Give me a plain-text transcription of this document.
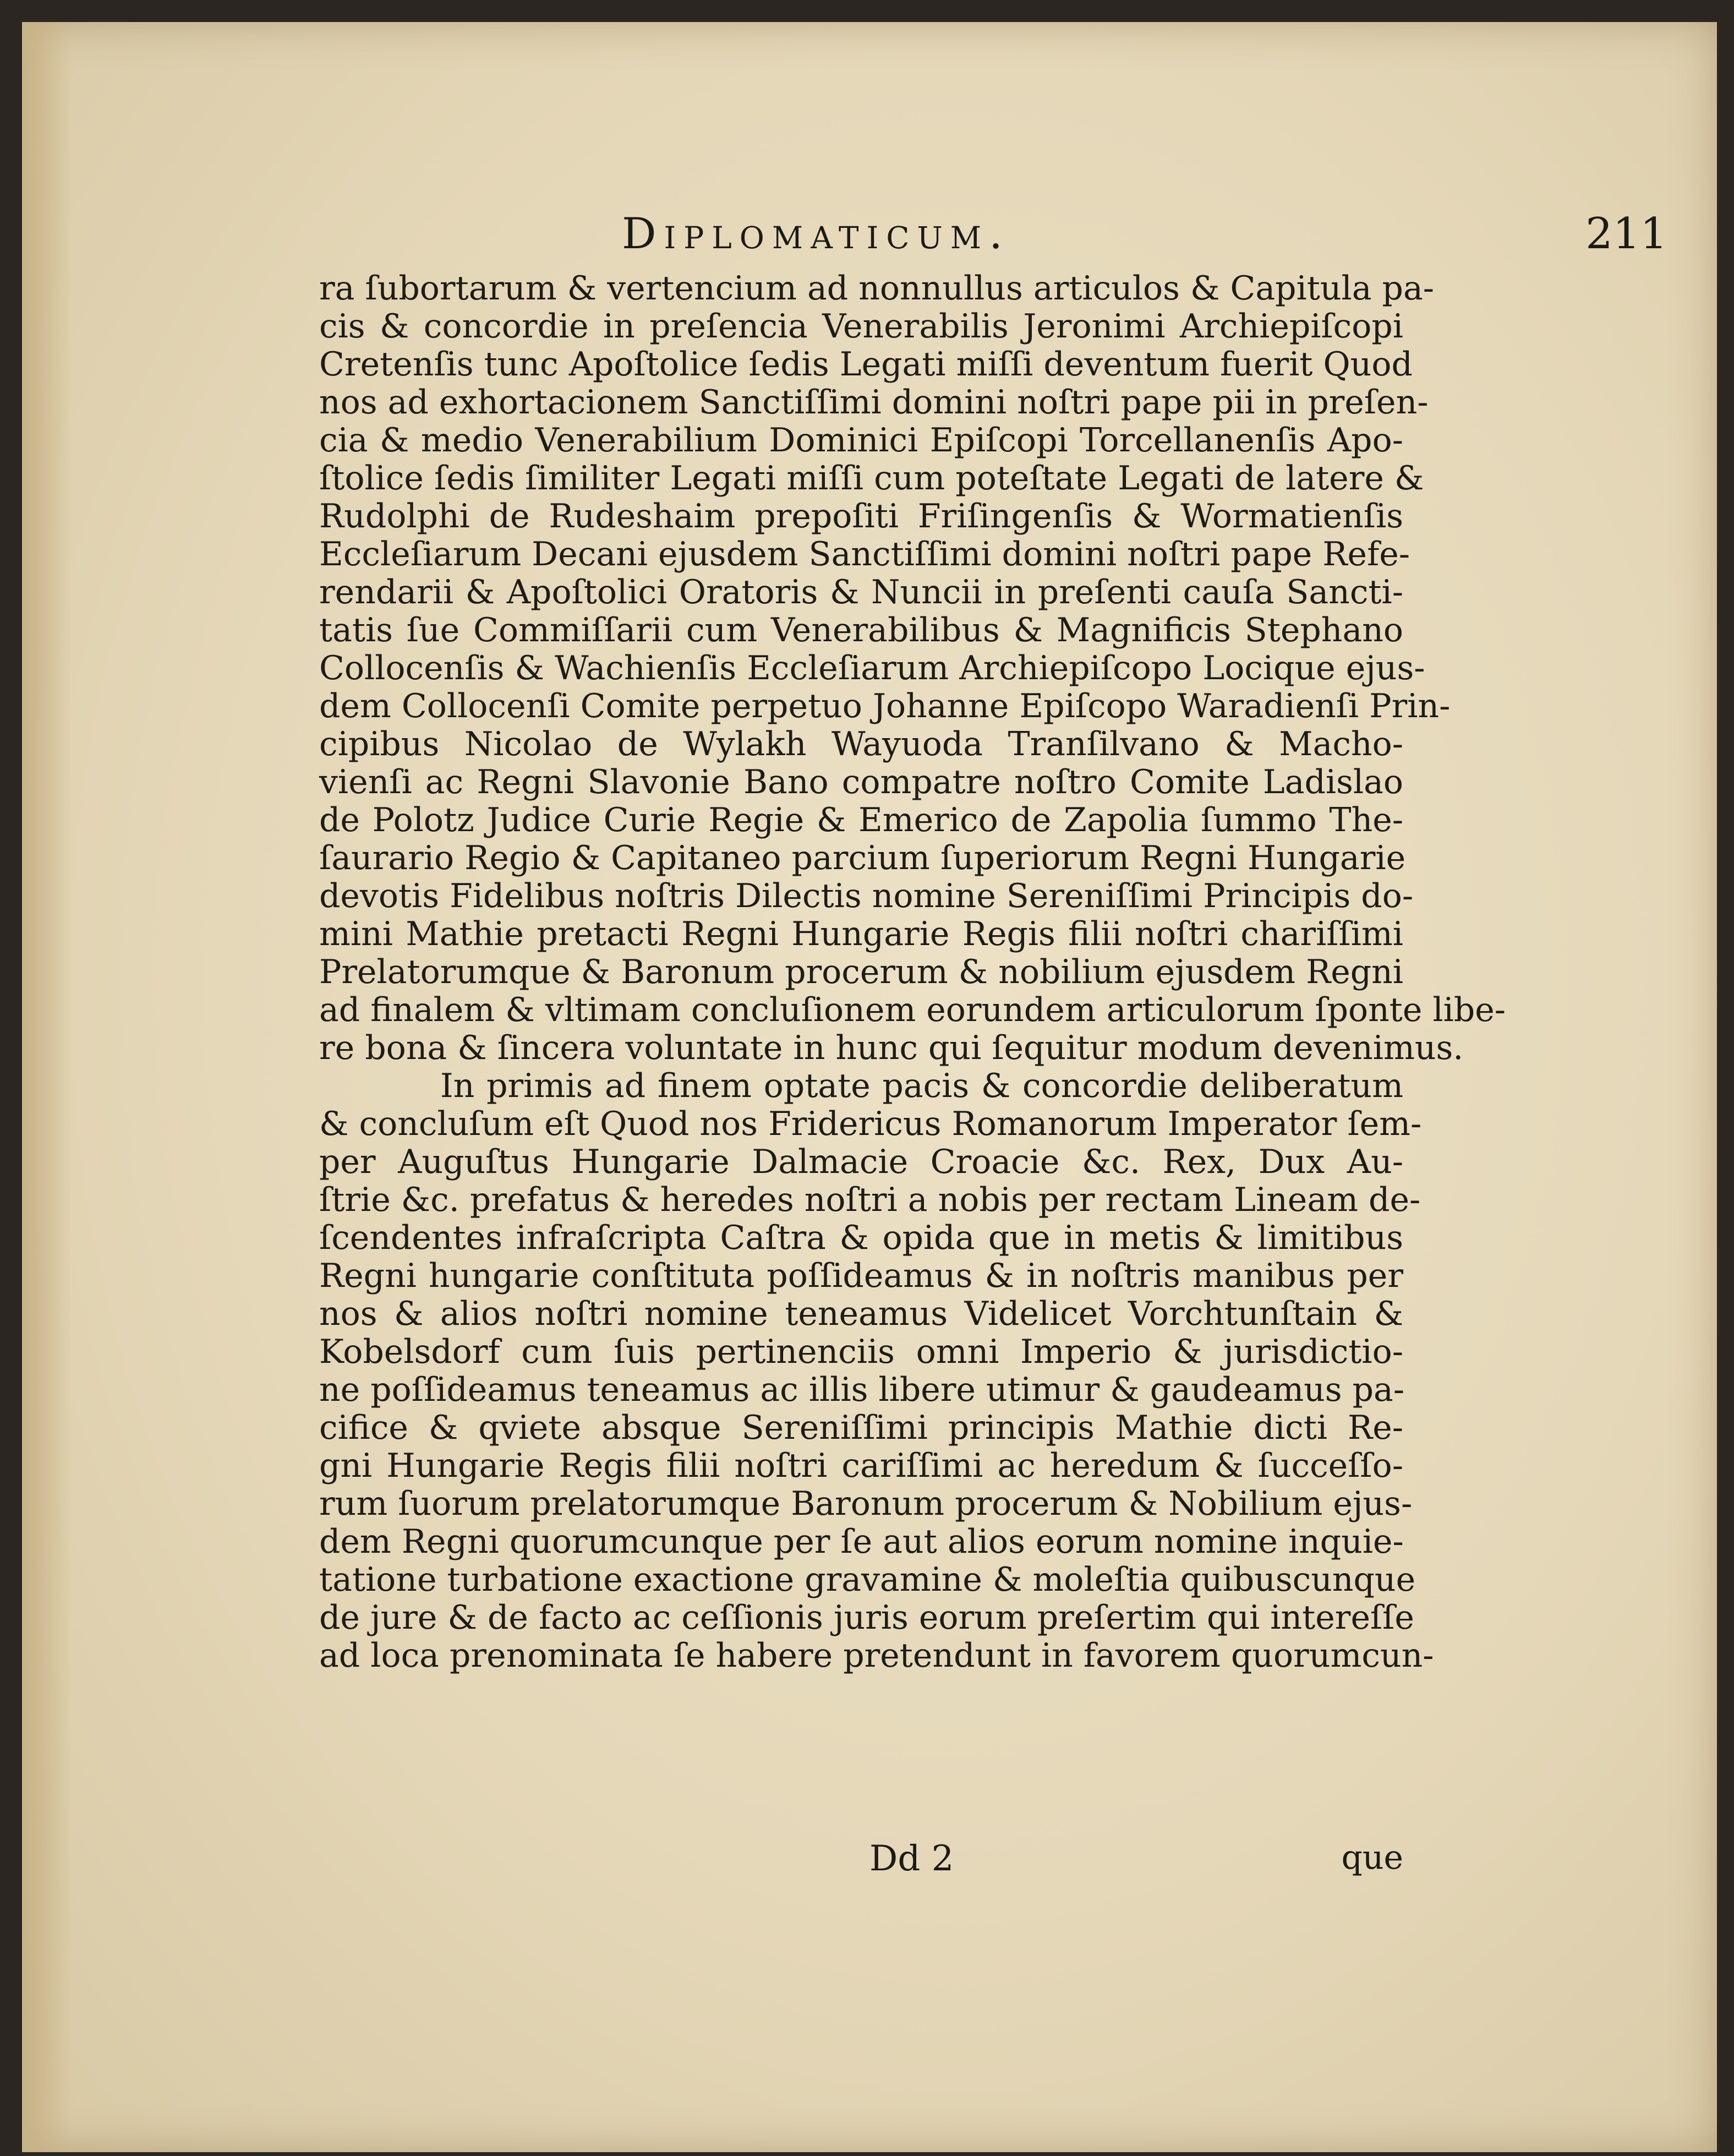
Diplomaticum.	211
ra ſubortarum & vertencium ad nonnullus articulos & Capitula pa-
cis & concordie in preſencia Venerabilis Jeronimi Archiepiſcopi
Cretenſis tunc Apoſtolice ſedis Legati miſſi deventum fuerit Quod
nos ad exhortacionem Sanctiſſimi domini noſtri pape pii in preſen-
cia & medio Venerabilium Dominici Epiſcopi Torcellanenſis Apo-
ſtolice ſedis ſimiliter Legati miſſi cum poteſtate Legati de latere &
Rudolphi de Rudeshaim prepoſiti Friſingenſis & Wormatienſis
Eccleſiarum Decani ejusdem Sanctiſſimi domini noſtri pape Refe-
rendarii & Apoſtolici Oratoris & Nuncii in preſenti cauſa Sancti-
tatis ſue Commiſſarii cum Venerabilibus & Magnificis Stephano
Collocenſis & Wachienſis Eccleſiarum Archiepiſcopo Locique ejus-
dem Collocenſi Comite perpetuo Johanne Epiſcopo Waradienſi Prin-
cipibus Nicolao de Wylakh Wayuoda Tranſilvano & Macho-
vienſi ac Regni Slavonie Bano compatre noſtro Comite Ladislao
de Polotz Judice Curie Regie & Emerico de Zapolia ſummo The-
ſaurario Regio & Capitaneo parcium ſuperiorum Regni Hungarie
devotis Fidelibus noſtris Dilectis nomine Sereniſſimi Principis do-
mini Mathie pretacti Regni Hungarie Regis filii noſtri chariſſimi
Prelatorumque & Baronum procerum & nobilium ejusdem Regni
ad finalem & vltimam concluſionem eorundem articulorum ſponte libe-
re bona & ſincera voluntate in hunc qui ſequitur modum devenimus.
In primis ad finem optate pacis & concordie deliberatum
& concluſum eſt Quod nos Fridericus Romanorum Imperator ſem-
per Auguſtus Hungarie Dalmacie Croacie &c. Rex, Dux Au-
ſtrie &c. prefatus & heredes noſtri a nobis per rectam Lineam de-
ſcendentes infraſcripta Caſtra & opida que in metis & limitibus
Regni hungarie conſtituta poſſideamus & in noſtris manibus per
nos & alios noſtri nomine teneamus Videlicet Vorchtunſtain &
Kobelsdorf cum ſuis pertinenciis omni Imperio & jurisdictio-
ne poſſideamus teneamus ac illis libere utimur & gaudeamus pa-
cifice & qviete absque Sereniſſimi principis Mathie dicti Re-
gni Hungarie Regis filii noſtri cariſſimi ac heredum & ſucceſſo-
rum ſuorum prelatorumque Baronum procerum & Nobilium ejus-
dem Regni quorumcunque per ſe aut alios eorum nomine inquie-
tatione turbatione exactione gravamine & moleſtia quibuscunque
de jure & de facto ac ceſſionis juris eorum preſertim qui intereſſe
ad loca prenominata ſe habere pretendunt in favorem quorumcun-
Dd 2	que
